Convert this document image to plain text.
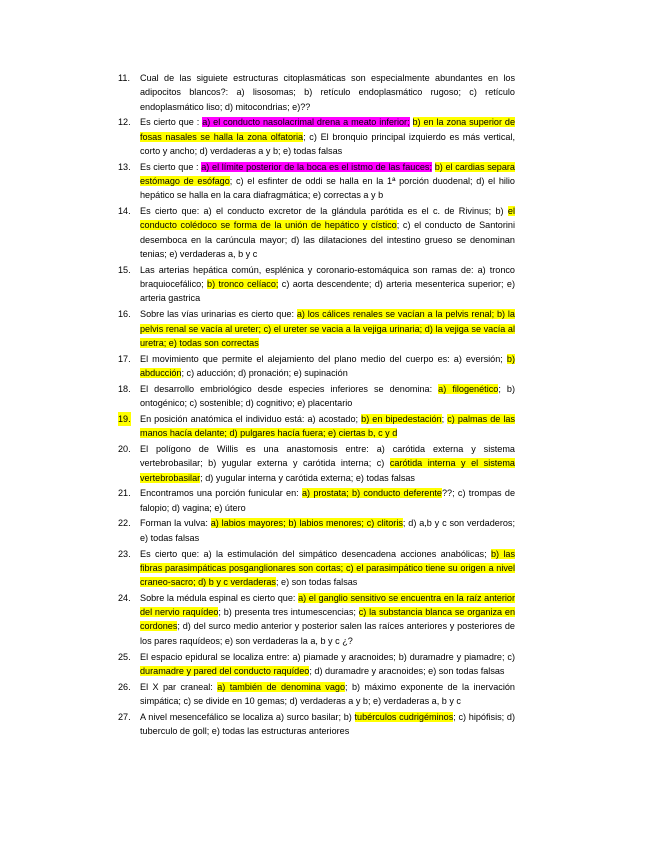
11.	Cual de las siguiete estructuras citoplasmáticas son especialmente abundantes en los adipocitos blancos?: a) lisosomas; b) retículo endoplasmático rugoso; c) retículo endoplasmático liso; d) mitocondrias; e)??
12.	Es cierto que : a) el conducto nasolacrimal drena a meato inferior; b) en la zona superior de fosas nasales se halla la zona olfatoria; c) El bronquio principal izquierdo es más vertical, corto y ancho; d) verdaderas a y b; e) todas falsas
13.	Es cierto que : a) el límite posterior de la boca es el istmo de las fauces; b) el cardias separa estómago de esófago; c) el esfinter de oddi se halla en la 1ª porción duodenal; d) el hilio hepático se halla en la cara diafragmática; e) correctas a y b
14.	Es cierto que: a) el conducto excretor de la glándula parótida es el c. de Rivinus; b) el conducto colédoco se forma de la unión de hepático y cístico; c) el conducto de Santorini desemboca en la carúncula mayor; d) las dilataciones del intestino grueso se denominan tenias; e) verdaderas a, b y c
15.	Las arterias hepática común, esplénica y coronario-estomáquica son ramas de: a) tronco braquiocefálico; b) tronco celíaco; c) aorta descendente; d) arteria mesenterica superior; e) arteria gastrica
16.	Sobre las vías urinarias es cierto que: a) los cálices renales se vacían a la pelvis renal; b) la pelvis renal se vacía al ureter; c) el ureter se vacia a la vejiga urinaria; d) la vejiga se vacía al uretra; e) todas son correctas
17.	El movimiento que permite el alejamiento del plano medio del cuerpo es: a) eversión; b) abducción; c) aducción; d) pronación; e) supinación
18.	El desarrollo embriológico desde especies inferiores se denomina: a) filogenético; b) ontogénico; c) sostenible; d) cognitivo; e) placentario
19. En posición anatómica el individuo está: a) acostado; b) en bipedestación; c) palmas de las manos hacía delante; d) pulgares hacía fuera; e) ciertas b, c y d
20.	El polígono de Willis es una anastomosis entre: a) carótida externa y sistema vertebrobasilar; b) yugular externa y carótida interna; c) carótida interna y el sistema vertebrobasilar; d) yugular interna y carótida externa; e) todas falsas
21.	Encontramos una porción funicular en: a) prostata; b) conducto deferente??; c) trompas de falopio; d) vagina; e) útero
22.	Forman la vulva: a) labios mayores; b) labios menores; c) clitoris; d) a,b y c son verdaderos; e) todas falsas
23.	Es cierto que: a) la estimulación del simpático desencadena acciones anabólicas; b) las fibras parasimpáticas posganglionares son cortas; c) el parasimpático tiene su origen a nivel craneo-sacro; d) b y c verdaderas; e) son todas falsas
24.	Sobre la médula espinal es cierto que: a) el ganglio sensitivo se encuentra en la raíz anterior del nervio raquídeo; b) presenta tres intumescencias; c) la substancia blanca se organiza en cordones; d) del surco medio anterior y posterior salen las raíces anteriores y posteriores de los pares raquídeos; e) son verdaderas la a, b y c ¿?
25.	El espacio epidural se localiza entre: a) piamade y aracnoides; b) duramadre y piamadre; c) duramadre y pared del conducto raquídeo; d) duramadre y aracnoides; e) son todas falsas
26.	El X par craneal: a) también de denomina vago; b) máximo exponente de la inervación simpática; c) se divide en 10 gemas; d) verdaderas a y b; e) verdaderas a, b y c
27.	A nivel mesencefálico se localiza a) surco basilar; b) tubérculos cudrigéminos; c) hipófisis; d) tuberculo de goll; e) todas las estructuras anteriores
